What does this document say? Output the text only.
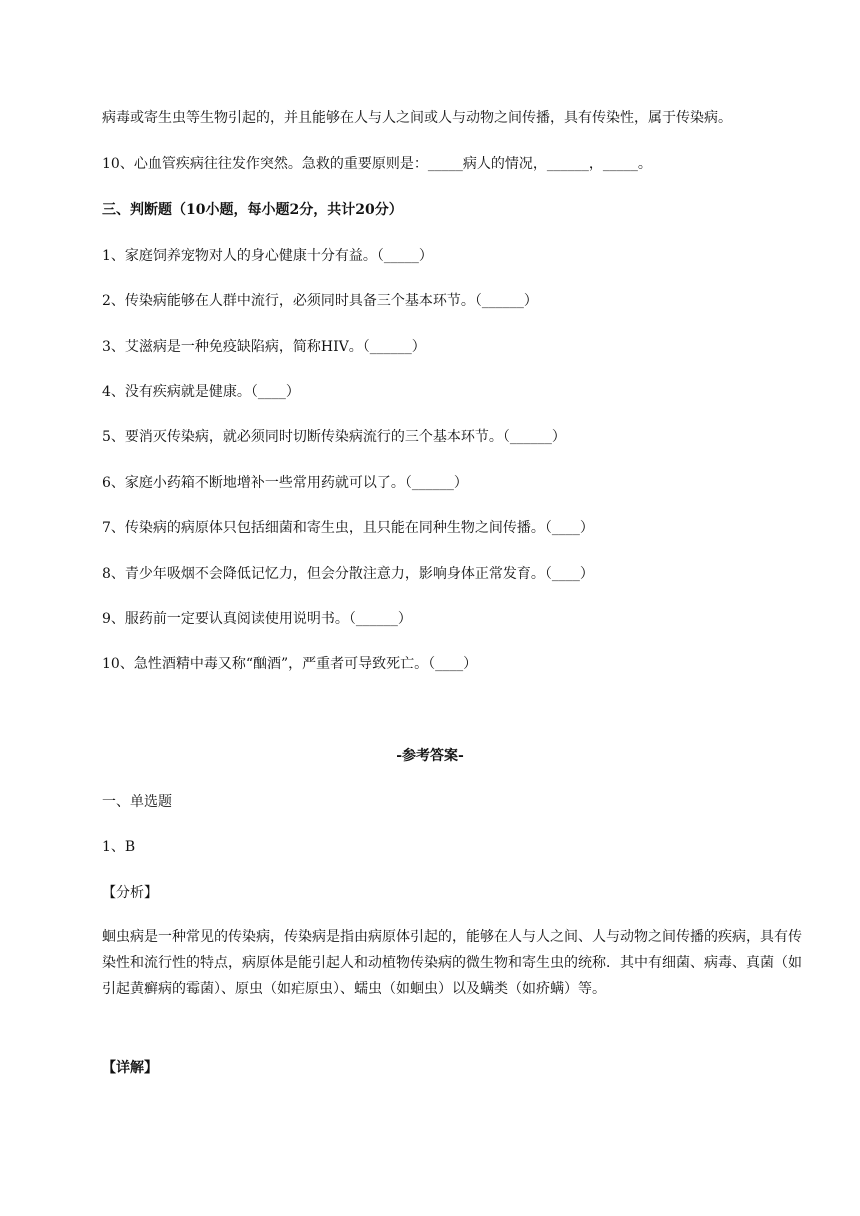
病毒或寄生虫等生物引起的，并且能够在人与人之间或人与动物之间传播，具有传染性，属于传染病。
10、心血管疾病往往发作突然。急救的重要原则是：_____病人的情况，______，_____。
三、判断题（10小题，每小题2分，共计20分）
1、家庭饲养宠物对人的身心健康十分有益。（_____）
2、传染病能够在人群中流行，必须同时具备三个基本环节。（______）
3、艾滋病是一种免疫缺陷病，简称HIV。（______）
4、没有疾病就是健康。（____）
5、要消灭传染病，就必须同时切断传染病流行的三个基本环节。（______）
6、家庭小药箱不断地增补一些常用药就可以了。（______）
7、传染病的病原体只包括细菌和寄生虫，且只能在同种生物之间传播。（____）
8、青少年吸烟不会降低记忆力，但会分散注意力，影响身体正常发育。（____）
9、服药前一定要认真阅读使用说明书。（______）
10、急性酒精中毒又称“酗酒”，严重者可导致死亡。（____）
-参考答案-
一、单选题
1、B
【分析】
蛔虫病是一种常见的传染病，传染病是指由病原体引起的，能够在人与人之间、人与动物之间传播的疾病，具有传染性和流行性的特点，病原体是能引起人和动植物传染病的微生物和寄生虫的统称．其中有细菌、病毒、真菌（如引起黄癣病的霉菌）、原虫（如疟原虫）、蠕虫（如蛔虫）以及螨类（如疥螨）等。
【详解】
